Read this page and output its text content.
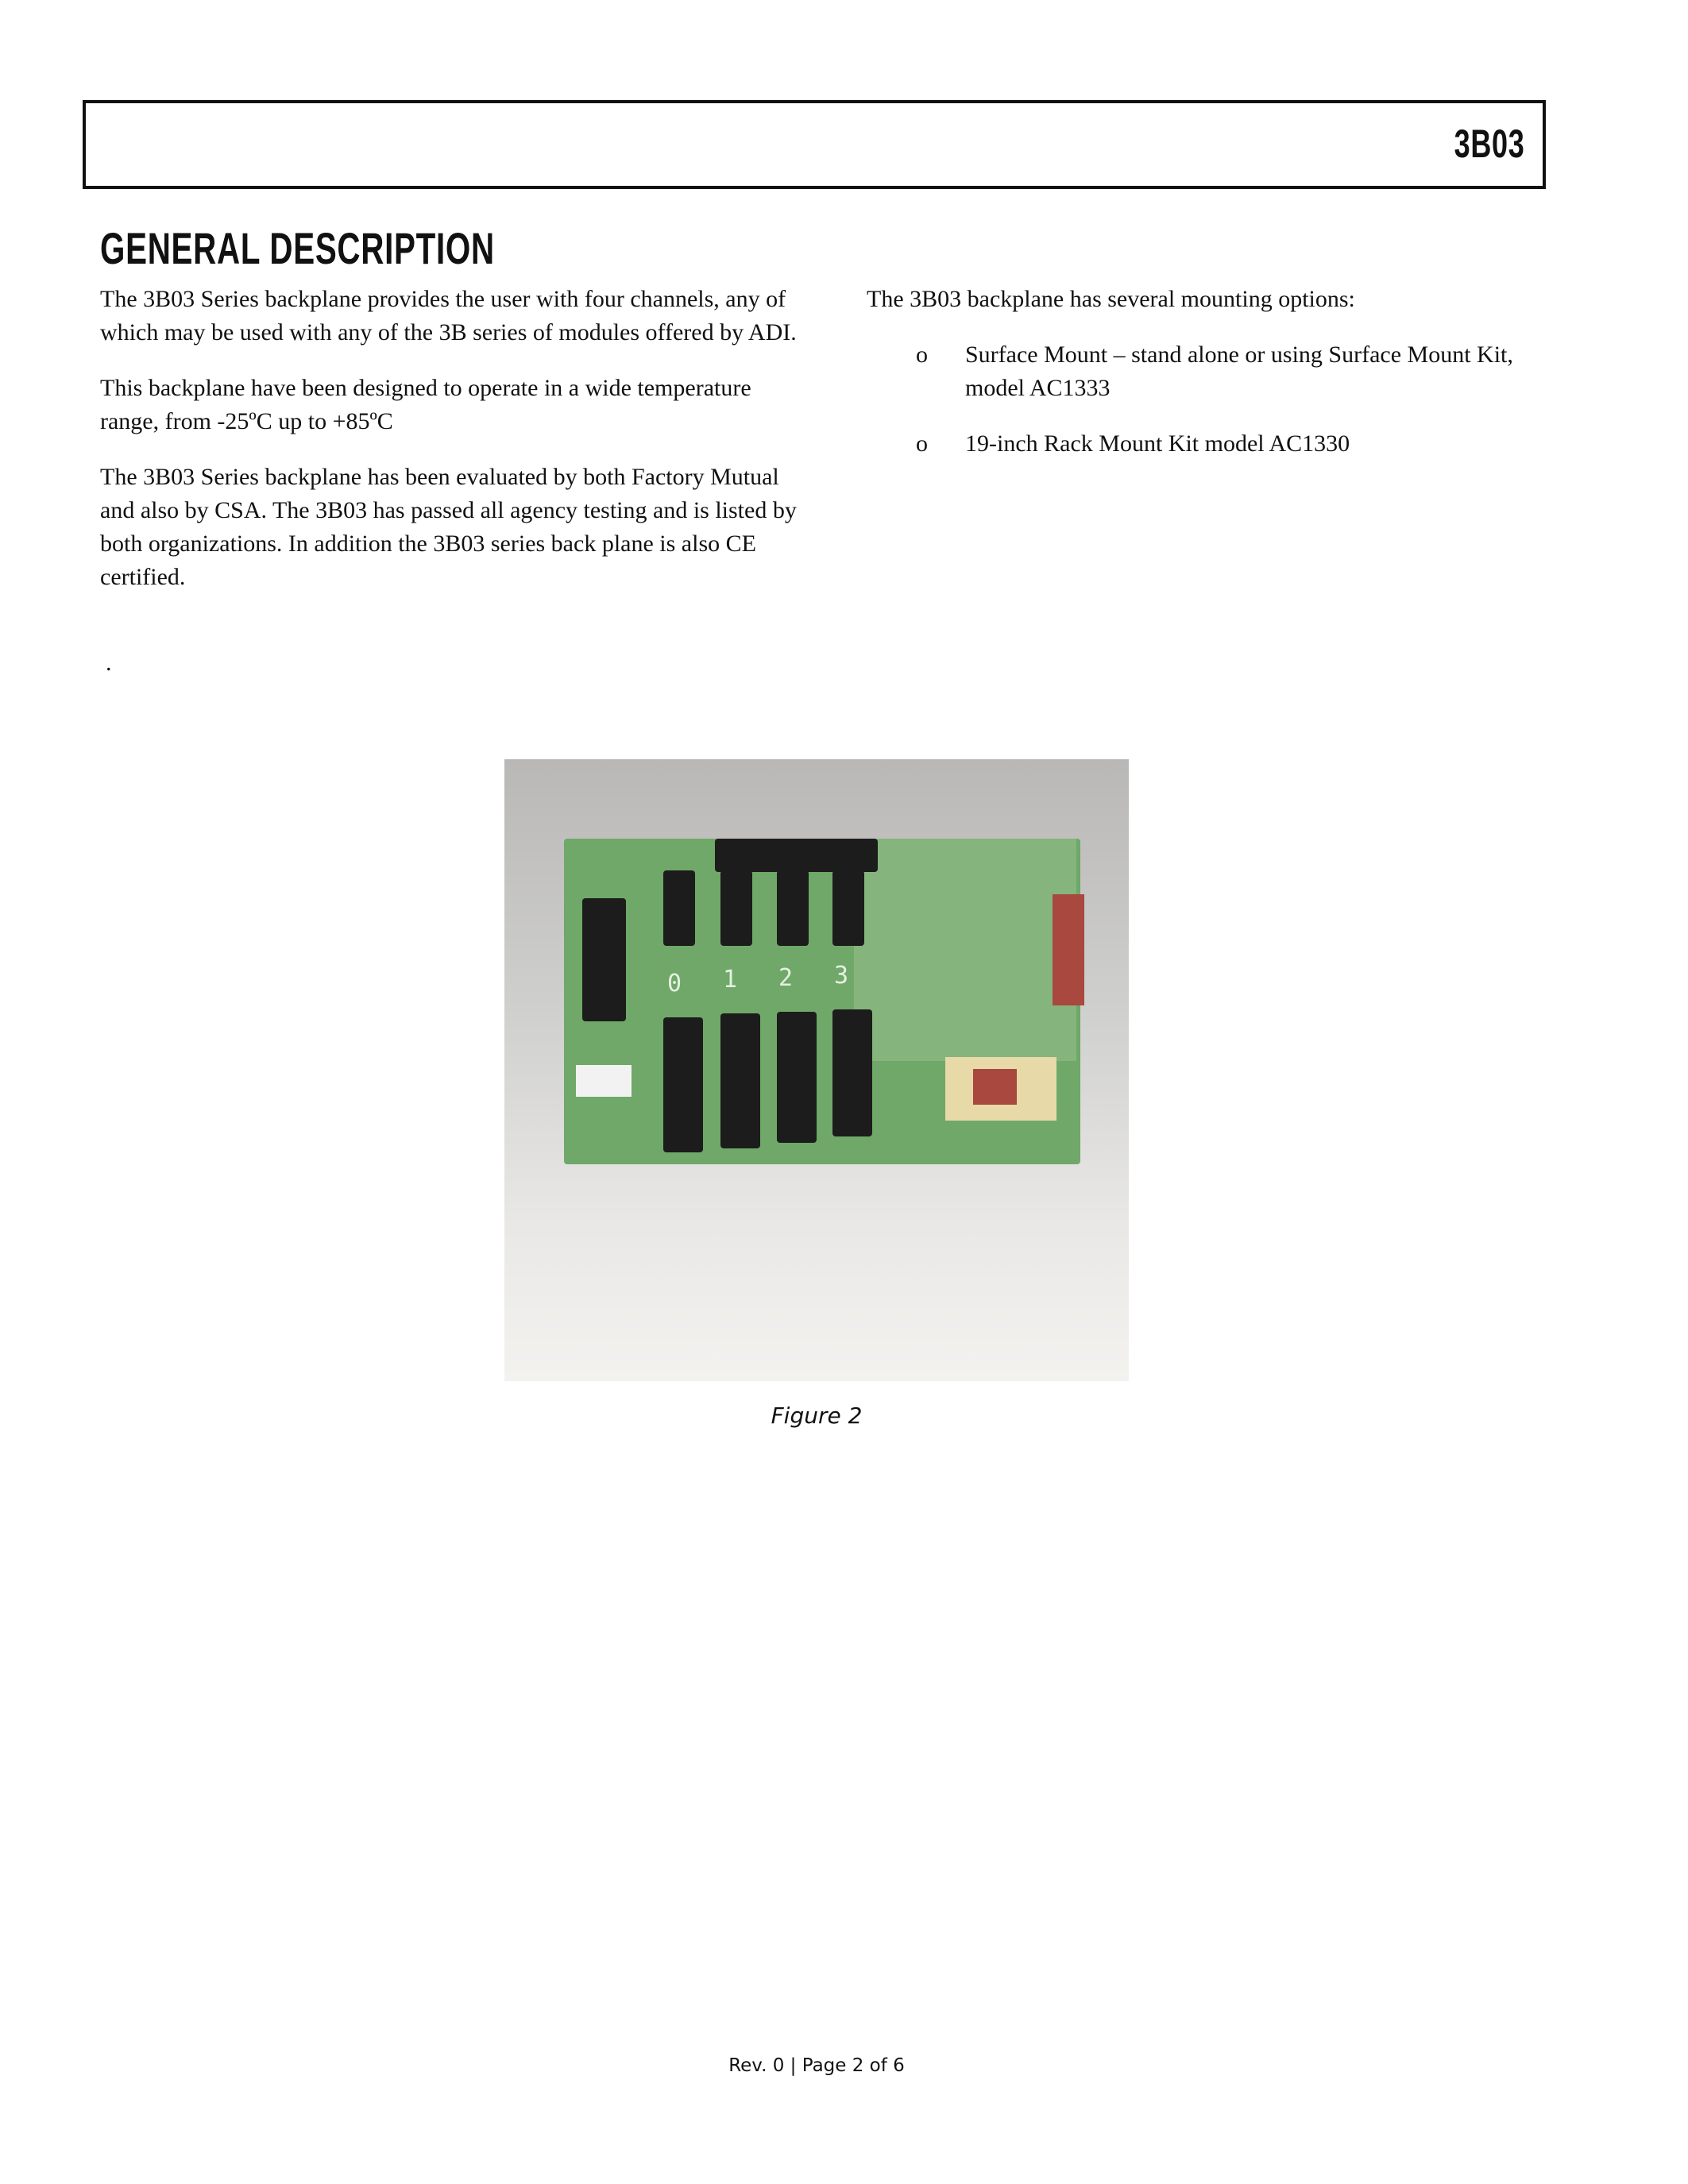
3B03
GENERAL DESCRIPTION

The 3B03 Series backplane provides the user with four channels, any of which may be used with any of the 3B series of modules offered by ADI.

This backplane have been designed to operate in a wide temperature range, from -25ºC up to +85ºC

The 3B03 Series backplane has been evaluated by both Factory Mutual and also by CSA. The 3B03 has passed all agency testing and is listed by both organizations. In addition the 3B03 series back plane is also CE certified.

.

The 3B03 backplane has several mounting options:

o	Surface Mount – stand alone or using Surface Mount Kit, model AC1333
o	19-inch Rack Mount Kit model AC1330
0 1 2 3
Figure 2
Rev. 0 | Page 2 of 6
